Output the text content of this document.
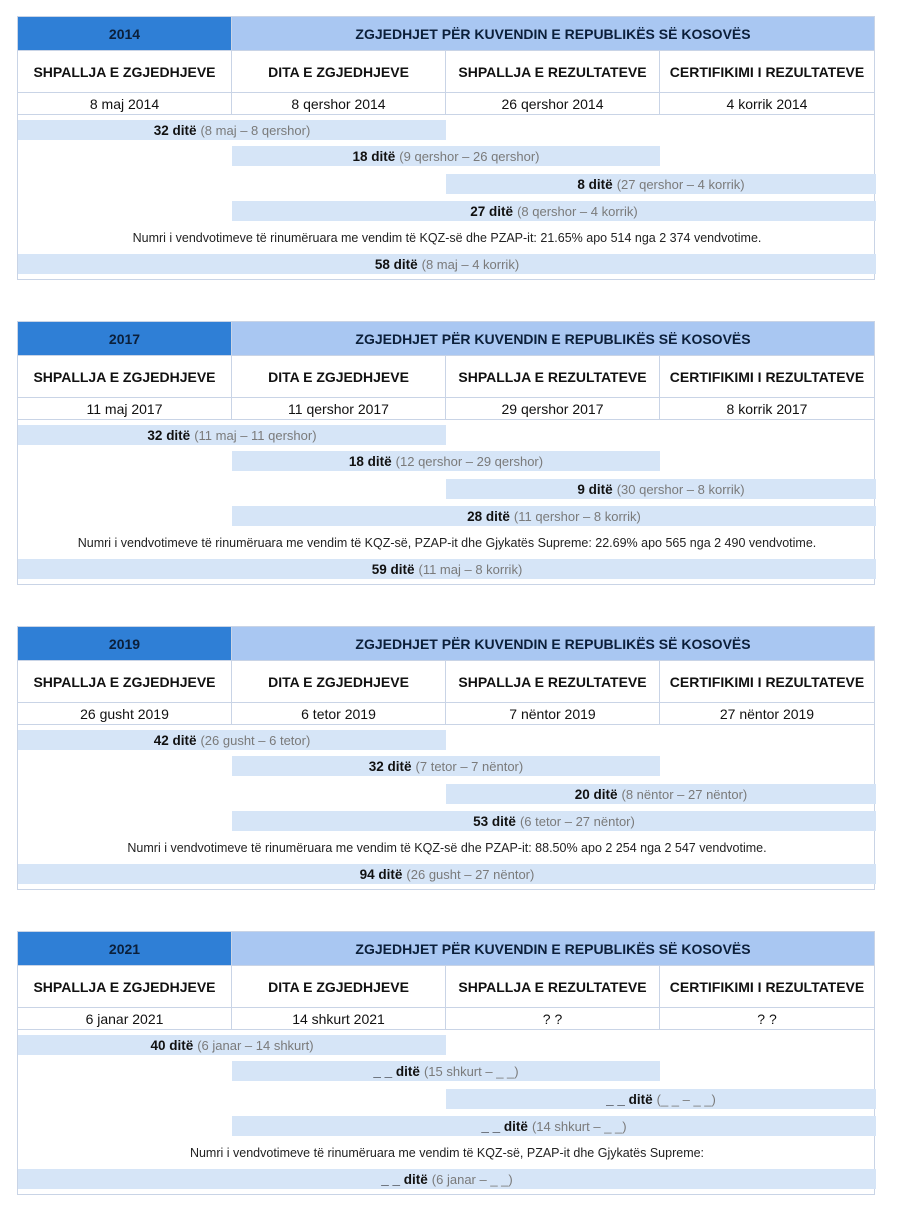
2014	ZGJEDHJET PËR KUVENDIN E REPUBLIKËS SË KOSOVËS
SHPALLJA E ZGJEDHJEVE	DITA E ZGJEDHJEVE	SHPALLJA E REZULTATEVE	CERTIFIKIMI I REZULTATEVE
8 maj 2014	8 qershor 2014	26 qershor 2014	4 korrik 2014
32 ditë (8 maj – 8 qershor)
18 ditë (9 qershor – 26 qershor)
8 ditë (27 qershor – 4 korrik)
27 ditë (8 qershor – 4 korrik)
58 ditë (8 maj – 4 korrik)
Numri i vendvotimeve të rinumëruara me vendim të KQZ-së dhe PZAP-it: 21.65% apo 514 nga 2 374 vendvotime.
2017	ZGJEDHJET PËR KUVENDIN E REPUBLIKËS SË KOSOVËS
SHPALLJA E ZGJEDHJEVE	DITA E ZGJEDHJEVE	SHPALLJA E REZULTATEVE	CERTIFIKIMI I REZULTATEVE
11 maj 2017	11 qershor 2017	29 qershor 2017	8 korrik 2017
32 ditë (11 maj – 11 qershor)
18 ditë (12 qershor – 29 qershor)
9 ditë (30 qershor – 8 korrik)
28 ditë (11 qershor – 8 korrik)
59 ditë (11 maj – 8 korrik)
Numri i vendvotimeve të rinumëruara me vendim të KQZ-së, PZAP-it dhe Gjykatës Supreme: 22.69% apo 565 nga 2 490 vendvotime.
2019	ZGJEDHJET PËR KUVENDIN E REPUBLIKËS SË KOSOVËS
SHPALLJA E ZGJEDHJEVE	DITA E ZGJEDHJEVE	SHPALLJA E REZULTATEVE	CERTIFIKIMI I REZULTATEVE
26 gusht 2019	6 tetor 2019	7 nëntor 2019	27 nëntor 2019
42 ditë (26 gusht – 6 tetor)
32 ditë (7 tetor – 7 nëntor)
20 ditë (8 nëntor – 27 nëntor)
53 ditë (6 tetor – 27 nëntor)
94 ditë (26 gusht – 27 nëntor)
Numri i vendvotimeve të rinumëruara me vendim të KQZ-së dhe PZAP-it: 88.50% apo 2 254 nga 2 547 vendvotime.
2021	ZGJEDHJET PËR KUVENDIN E REPUBLIKËS SË KOSOVËS
SHPALLJA E ZGJEDHJEVE	DITA E ZGJEDHJEVE	SHPALLJA E REZULTATEVE	CERTIFIKIMI I REZULTATEVE
6 janar 2021	14 shkurt 2021	? ?	? ?
40 ditë (6 janar – 14 shkurt)
_ _ ditë (15 shkurt – _ _)
_ _ ditë (_ _ – _ _)
_ _ ditë (14 shkurt – _ _)
_ _ ditë (6 janar – _ _)
Numri i vendvotimeve të rinumëruara me vendim të KQZ-së, PZAP-it dhe Gjykatës Supreme:
